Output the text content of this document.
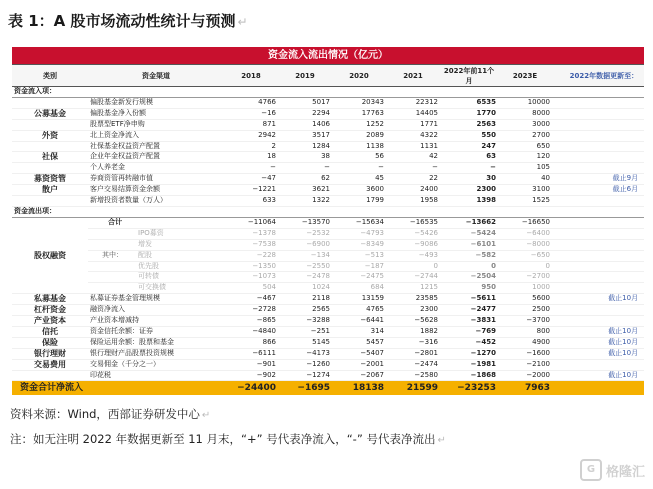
表 1：A 股市场流动性统计与预测 ↵
资金流入流出情况（亿元）								
类别	资金渠道	2018	2019	2020	2021	2022年前11个月	2023E	2022年数据更新至：
资金流入项：								
	偏股基金新发行规模	4766	5017	20343	22312	6535	10000	
公募基金	偏股基金净入份额	−16	2294	17763	14405	1770	8000	
	股票型ETF净申购	871	1406	1252	1771	2563	3000	
外资	北上资金净流入	2942	3517	2089	4322	550	2700	
	社保基金权益资产配置	2	1284	1138	1131	247	650	
社保	企业年金权益资产配置	18	38	56	42	63	120	
	个人养老金	−	−	−	−	−	105	
募资资管	券商资管再转融市值	−47	62	45	22	30	40	截止9月
散户	客户交易结算资金余额	−1221	3621	3600	2400	2300	3100	截止6月
	新增投资者数量（万人）	633	1322	1799	1958	1398	1525	
资金流出项：								
股权融资	合计	−11064	−13570	−15634	−16535	−13662	−16650	
	IPO募资	−1378	−2532	−4793	−5426	−5424	−6400	
	增发	−7538	−6900	−8349	−9086	−6101	−8000	

	其中： 配股	−228	−134	−513	−493	−582	−650	
	优先股	−1350	−2550	−187	0	0	0	
	可转债	−1073	−2478	−2475	−2744	−2504	−2700	
	可交换债	504	1024	684	1215	950	1000	
私募基金	私募证券基金管理规模	−467	2118	13159	23585	−5611	5600	截止10月
杠杆资金	融资净流入	−2728	2565	4765	2300	−2477	2500	
产业资本	产业资本增减持	−865	−3288	−6441	−5628	−3831	−3700	
信托	资金信托余额：证券	−4840	−251	314	1882	−769	800	截止10月
保险	保险运用余额：股票和基金	866	5145	5457	−316	−452	4900	截止10月
银行理财	银行理财产品股票投资规模	−6111	−4173	−5407	−2801	−1270	−1600	截止10月
交易费用	交易佣金（千分之一）	−901	−1260	−2001	−2474	−1981	−2100	
	印花税	−902	−1274	−2067	−2580	−1868	−2000	截止10月
资金合计净流入		−24400	−1695	18138	21599	−23253	7963	
资料来源：Wind，西部证券研发中心 ↵
注：如无注明 2022 年数据更新至 11 月末，“+” 号代表净流入，“-” 号代表净流出 ↵
G 格隆汇
